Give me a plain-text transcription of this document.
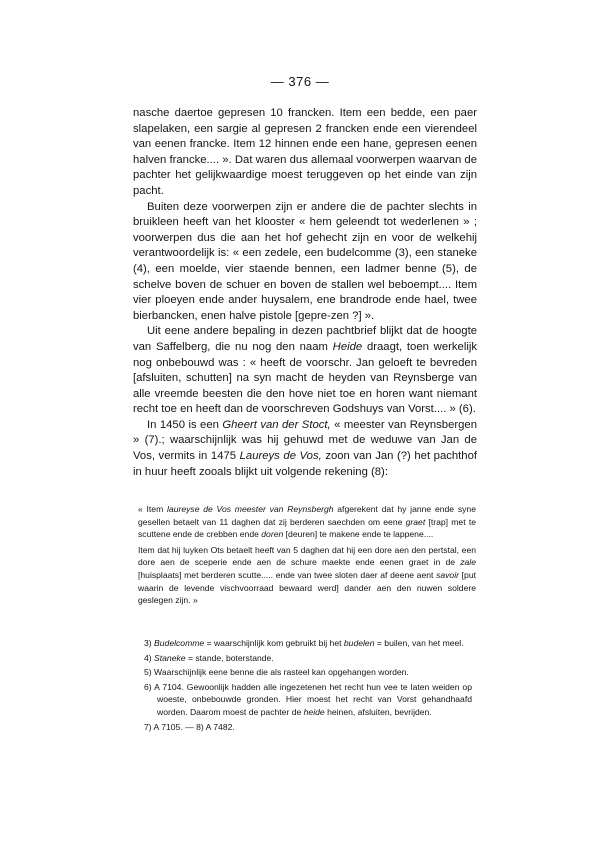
— 376 —

nasche daertoe gepresen 10 francken. Item een bedde, een paer slapelaken, een sargie al gepresen 2 francken ende een vierendeel van eenen francke. Item 12 hinnen ende een hane, gepresen eenen halven francke.... ». Dat waren dus allemaal voorwerpen waarvan de pachter het gelijkwaardige moest teruggeven op het einde van zijn pacht.

Buiten deze voorwerpen zijn er andere die de pachter slechts in bruikleen heeft van het klooster « hem geleendt tot wederlenen » ; voorwerpen dus die aan het hof gehecht zijn en voor de welkehij verantwoordelijk is: « een zedele, een budelcomme (3), een staneke (4), een moelde, vier staende bennen, een ladmer benne (5), de schelve boven de schuer en boven de stallen wel beboempt.... Item vier ploeyen ende ander huysalem, ene brandrode ende hael, twee bierbancken, enen halve pistole [gepre-zen ?] ».

Uit eene andere bepaling in dezen pachtbrief blijkt dat de hoogte van Saffelberg, die nu nog den naam Heide draagt, toen werkelijk nog onbebouwd was : « heeft de voorschr. Jan geloeft te bevreden [afsluiten, schutten] na syn macht de heyden van Reynsberge van alle vreemde beesten die den hove niet toe en horen want niemant recht toe en heeft dan de voorschreven Godshuys van Vorst.... » (6).

In 1450 is een Gheert van der Stoct, « meester van Reynsbergen » (7).; waarschijnlijk was hij gehuwd met de weduwe van Jan de Vos, vermits in 1475 Laureys de Vos, zoon van Jan (?) het pachthof in huur heeft zooals blijkt uit volgende rekening (8):

« Item laureyse de Vos meester van Reynsbergh afgerekent dat hy janne ende syne gesellen betaelt van 11 daghen dat zij berderen saechden om eene graet [trap] met te scuttene ende de crebben ende doren [deuren] te makene ende te lappene....

Item dat hij luyken Ots betaelt heeft van 5 daghen dat hij een dore aen den pertstal, een dore aen de sceperie ende aen de schure maekte ende eenen graet in de zale [huisplaats] met berderen scutte..... ende van twee sloten daer af deene aent savoir [put waarin de levende vischvoorraad bewaard werd] dander aen den nuwen soldere geslegen zijn. »

3) Budelcomme = waarschijnlijk kom gebruikt bij het budelen = builen, van het meel.

4) Staneke = stande, boterstande.

5) Waarschijnlijk eene benne die als rasteel kan opgehangen worden.

6) A 7104. Gewoonlijk hadden alle ingezetenen het recht hun vee te laten weiden op woeste, onbebouwde gronden. Hier moest het recht van Vorst gehandhaafd worden. Daarom moest de pachter de heide heinen, afsluiten, bevrijden.

7) A 7105. — 8) A 7482.
